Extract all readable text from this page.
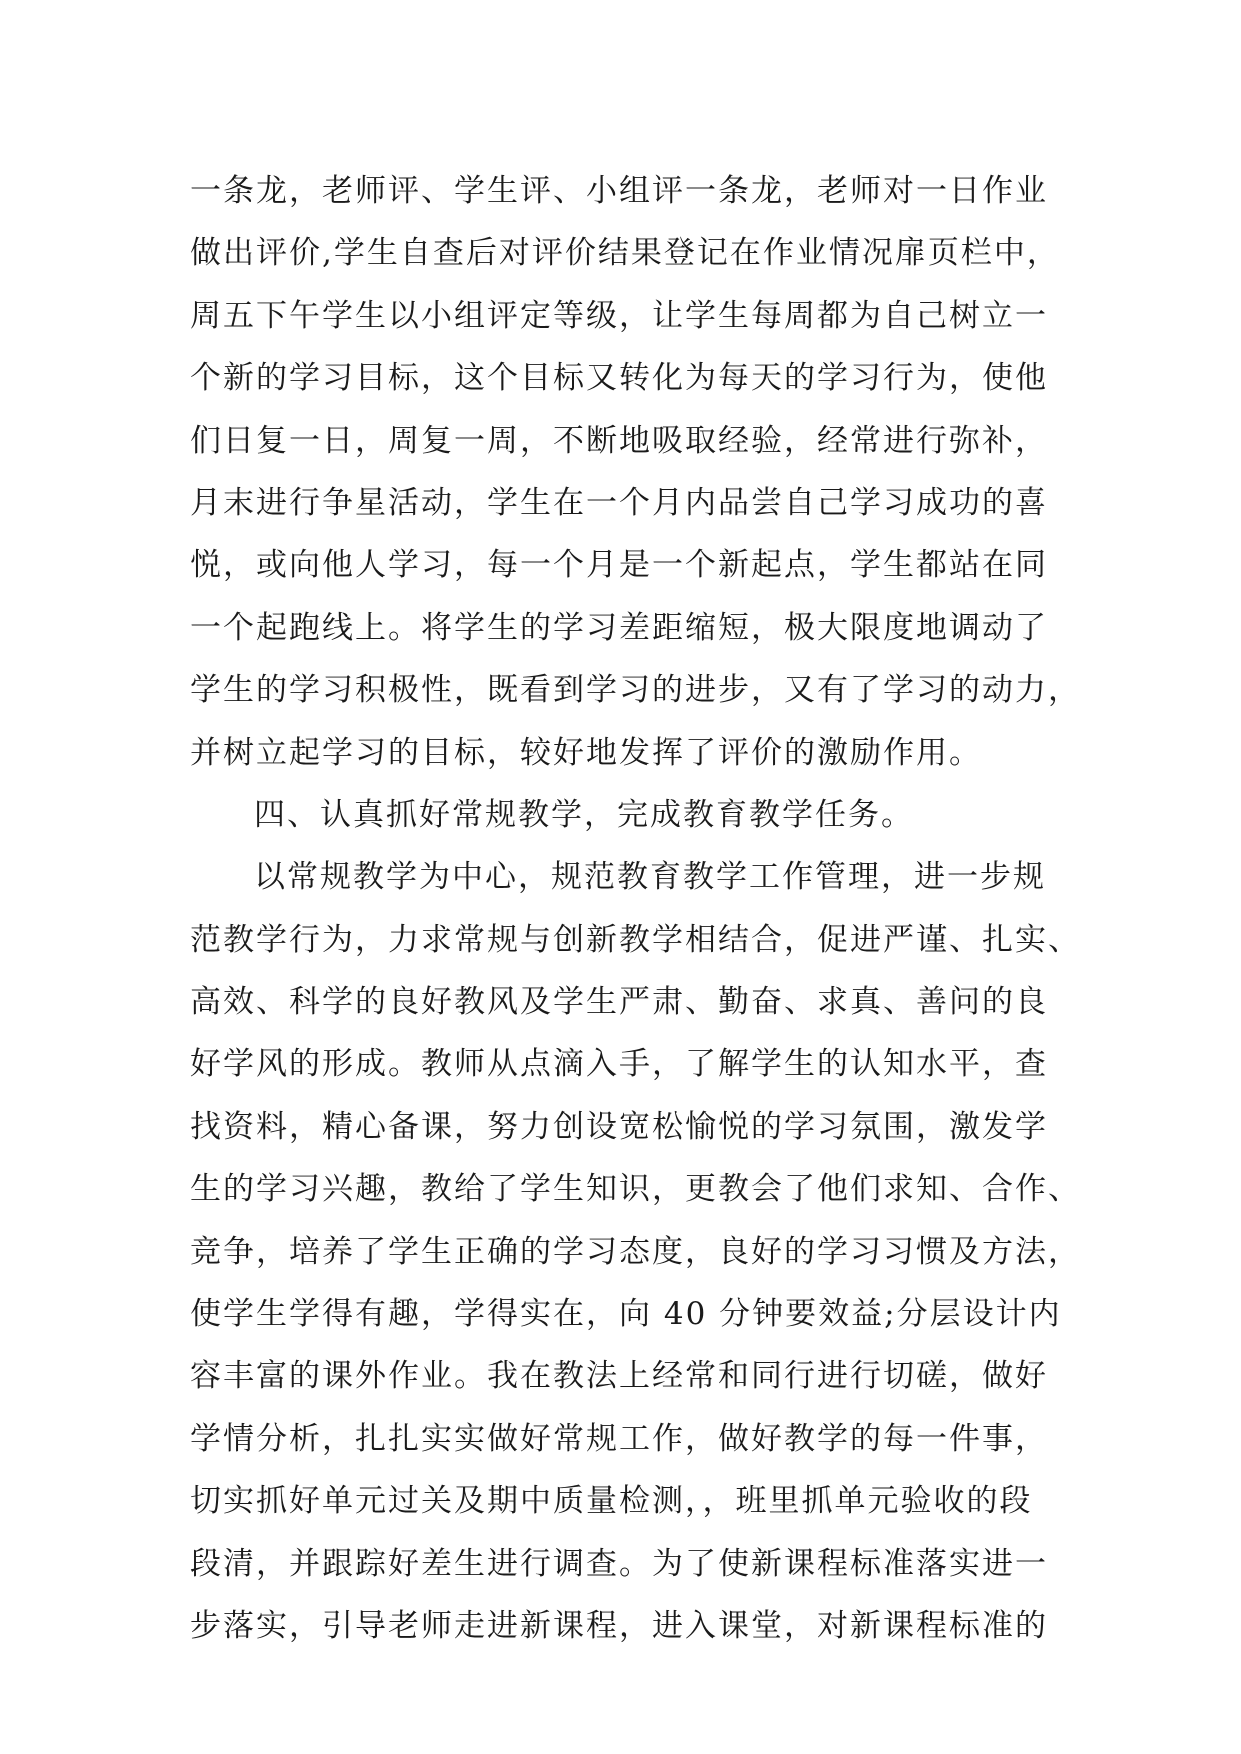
一条龙，老师评、学生评、小组评一条龙，老师对一日作业
做出评价,学生自查后对评价结果登记在作业情况扉页栏中，
周五下午学生以小组评定等级，让学生每周都为自己树立一
个新的学习目标，这个目标又转化为每天的学习行为，使他
们日复一日，周复一周，不断地吸取经验，经常进行弥补，
月末进行争星活动，学生在一个月内品尝自己学习成功的喜
悦，或向他人学习，每一个月是一个新起点，学生都站在同
一个起跑线上。将学生的学习差距缩短，极大限度地调动了
学生的学习积极性，既看到学习的进步，又有了学习的动力，
并树立起学习的目标，较好地发挥了评价的激励作用。
四、认真抓好常规教学，完成教育教学任务。
以常规教学为中心，规范教育教学工作管理，进一步规
范教学行为，力求常规与创新教学相结合，促进严谨、扎实、
高效、科学的良好教风及学生严肃、勤奋、求真、善问的良
好学风的形成。教师从点滴入手，了解学生的认知水平，查
找资料，精心备课，努力创设宽松愉悦的学习氛围，激发学
生的学习兴趣，教给了学生知识，更教会了他们求知、合作、
竞争，培养了学生正确的学习态度，良好的学习习惯及方法，
使学生学得有趣，学得实在，向 40 分钟要效益;分层设计内
容丰富的课外作业。我在教法上经常和同行进行切磋，做好
学情分析，扎扎实实做好常规工作，做好教学的每一件事，
切实抓好单元过关及期中质量检测，，班里抓单元验收的段
段清，并跟踪好差生进行调查。为了使新课程标准落实进一
步落实，引导老师走进新课程，进入课堂，对新课程标准的
